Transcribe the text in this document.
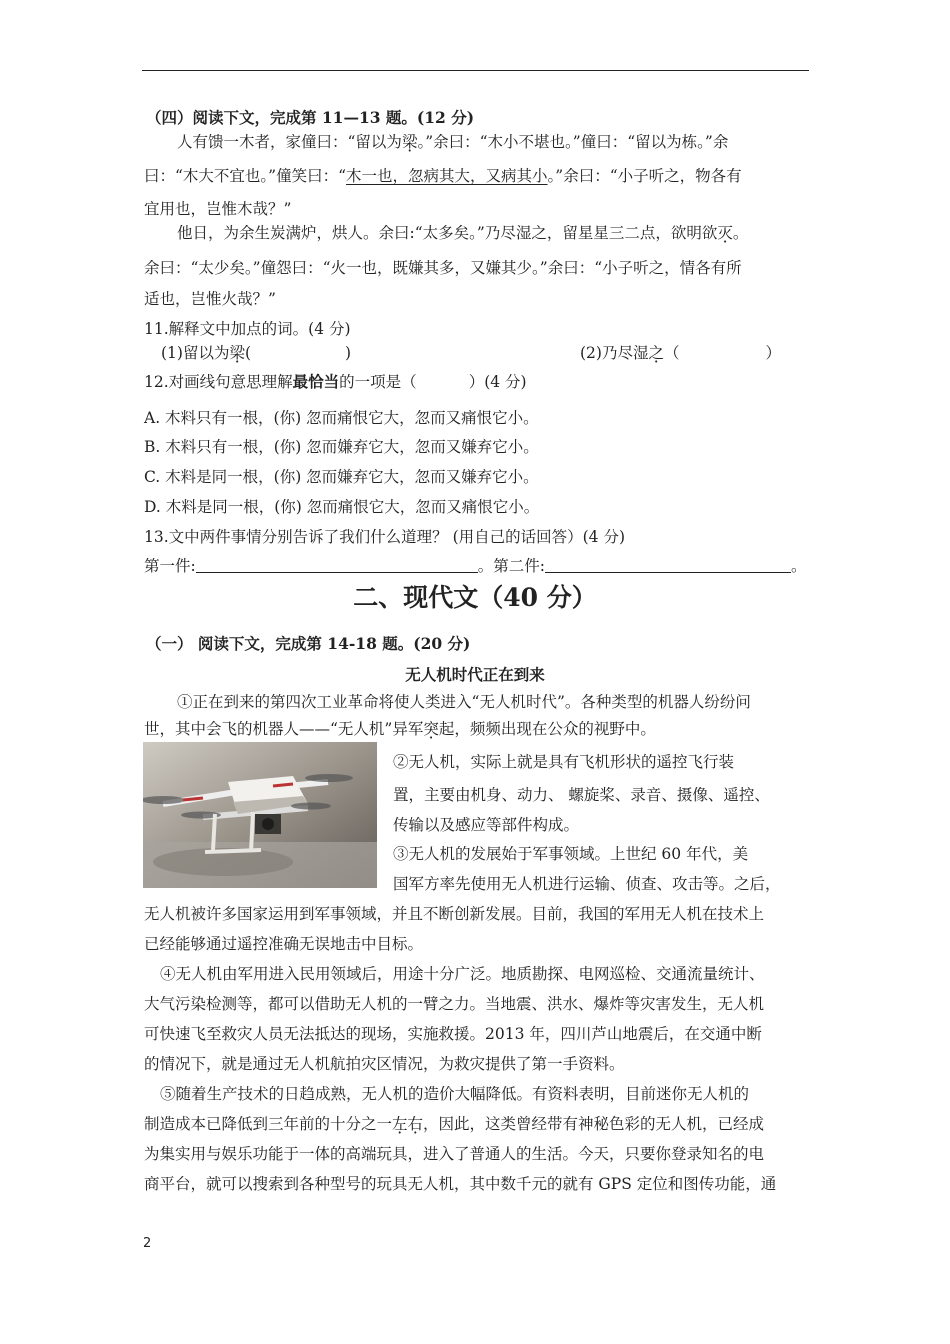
（四）阅读下文，完成第 11—13 题。(12 分)
人有馈一木者，家僮曰：“留以为梁。”余曰：“木小不堪也。”僮曰：“留以为栋。”余
曰：“木大不宜也。”僮笑曰：“木一也，忽病其大，又病其小。”余曰：“小子听之，物各有
宜用也，岂惟木哉？”
他日，为余生炭满炉，烘人。余曰:“太多矣。”乃尽湿之，留星星三二点，欲明欲灭。
余曰：“太少矣。”僮怨曰：“火一也，既嫌其多，又嫌其少。”余曰：“小子听之，情各有所
适也，岂惟火哉？”
11.解释文中加点的词。(4 分)
(1)留以为梁(	)	(2)乃尽湿之（	）
12.对画线句意思理解最恰当的一项是（	）(4 分)
A. 木料只有一根，(你) 忽而痛恨它大，忽而又痛恨它小。
B. 木料只有一根，(你) 忽而嫌弃它大，忽而又嫌弃它小。
C. 木料是同一根，(你) 忽而嫌弃它大，忽而又嫌弃它小。
D. 木料是同一根，(你) 忽而痛恨它大，忽而又痛恨它小。
13.文中两件事情分别告诉了我们什么道理？ (用自己的话回答）(4 分)
第一件:	。第二件:	。
二、现代文（40 分）
（一） 阅读下文，完成第 14-18 题。(20 分)
无人机时代正在到来
①正在到来的第四次工业革命将使人类进入“无人机时代”。各种类型的机器人纷纷问
世，其中会飞的机器人——“无人机”异军突起，频频出现在公众的视野中。
②无人机，实际上就是具有飞机形状的遥控飞行装
置，主要由机身、动力、 螺旋桨、录音、摄像、遥控、
传输以及感应等部件构成。
③无人机的发展始于军事领域。上世纪 60 年代，美
国军方率先使用无人机进行运输、侦查、攻击等。之后，
无人机被许多国家运用到军事领域，并且不断创新发展。目前，我国的军用无人机在技术上
已经能够通过遥控准确无误地击中目标。
④无人机由军用进入民用领域后，用途十分广泛。地质勘探、电网巡检、交通流量统计、
大气污染检测等，都可以借助无人机的一臂之力。当地震、洪水、爆炸等灾害发生，无人机
可快速飞至救灾人员无法抵达的现场，实施救援。2013 年，四川芦山地震后，在交通中断
的情况下，就是通过无人机航拍灾区情况，为救灾提供了第一手资料。
⑤随着生产技术的日趋成熟，无人机的造价大幅降低。有资料表明，目前迷你无人机的
制造成本已降低到三年前的十分之一左右，因此，这类曾经带有神秘色彩的无人机，已经成
为集实用与娱乐功能于一体的高端玩具，进入了普通人的生活。今天，只要你登录知名的电
商平台，就可以搜索到各种型号的玩具无人机，其中数千元的就有 GPS 定位和图传功能，通
2
